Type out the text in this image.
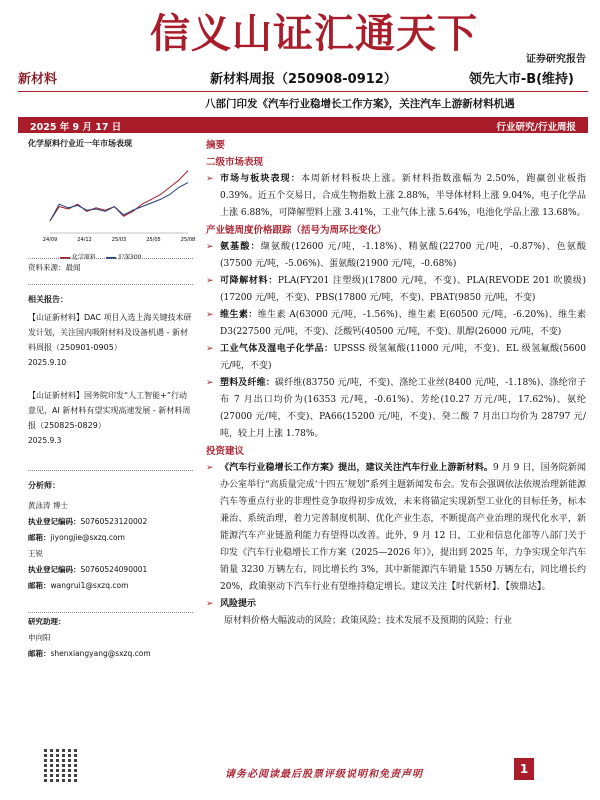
信义山证汇通天下
证券研究报告
新材料	新材料周报（250908-0912）	领先大市-B(维持)
八部门印发《汽车行业稳增长工作方案》，关注汽车上游新材料机遇
2025 年 9 月 17 日	行业研究/行业周报
化学原料行业近一年市场表现
24/09	24/12	25/03	25/05	25/08
化学原料	沪深300
资料来源：最闻
相关报告：
【山证新材料】DAC 项目入选上海关键技术研发计划，关注国内吸附材料及设备机遇 - 新材料周报（250901-0905）
2025.9.10
【山证新材料】国务院印发“人工智能+”行动意见，AI 新材料有望实现高速发展 - 新材料周报（250825-0829）
2025.9.3
分析师：
黄泳涛 博士
执业登记编码：S0760523120002
邮箱：jiyongjie@sxzq.com
王锐
执业登记编码：S0760524090001
邮箱：wangrui1@sxzq.com
研究助理：
申向阳
邮箱：shenxiangyang@sxzq.com
摘要
二级市场表现
➢ 市场与板块表现：本周新材料板块上涨。新材料指数涨幅为 2.50%，跑赢创业板指 0.39%。近五个交易日，合成生物指数上涨 2.88%，半导体材料上涨 9.04%，电子化学品上涨 6.88%，可降解塑料上涨 3.41%，工业气体上涨 5.64%，电池化学品上涨 13.68%。
产业链周度价格跟踪（括号为周环比变化）
➢ 氨基酸：缬氨酸(12600 元/吨，-1.18%)、精氨酸(22700 元/吨，-0.87%)、色氨酸(37500 元/吨，-5.06%)、蛋氨酸(21900 元/吨，-0.68%)
➢ 可降解材料：PLA(FY201 注塑级)(17800 元/吨，不变)、PLA(REVODE 201 吹膜级)(17200 元/吨，不变)、PBS(17800 元/吨，不变)、PBAT(9850 元/吨，不变)
➢ 维生素：维生素 A(63000 元/吨，-1.56%)、维生素 E(60500 元/吨，-6.20%)、维生素 D3(227500 元/吨，不变)、泛酸钙(40500 元/吨，不变)、肌醇(26000 元/吨，不变)
➢ 工业气体及湿电子化学品：UPSSS 级氢氟酸(11000 元/吨，不变)、EL 级氢氟酸(5600 元/吨，不变)
➢ 塑料及纤维：碳纤维(83750 元/吨，不变)、涤纶工业丝(8400 元/吨，-1.18%)、涤纶帘子布 7 月出口均价为(16353 元/吨，-0.61%)、芳纶(10.27 万元/吨，17.62%)、氨纶(27000 元/吨，不变)、PA66(15200 元/吨，不变)、癸二酸 7 月出口均价为 28797 元/吨，较上月上涨 1.78%。
投资建议
➢ 《汽车行业稳增长工作方案》提出，建议关注汽车行业上游新材料。9 月 9 日，国务院新闻办公室举行“高质量完成‘十四五’规划”系列主题新闻发布会。发布会强调依法依规治理新能源汽车等重点行业的非理性竞争取得初步成效，未来将锚定实现新型工业化的目标任务，标本兼治、系统治理，着力完善制度机制、优化产业生态，不断提高产业治理的现代化水平，新能源汽车产业链盈利能力有望得以改善。此外，9 月 12 日，工业和信息化部等八部门关于印发《汽车行业稳增长工作方案（2025—2026 年）》，提出到 2025 年，力争实现全年汽车销量 3230 万辆左右，同比增长约 3%，其中新能源汽车销量 1550 万辆左右，同比增长约 20%，政策驱动下汽车行业有望维持稳定增长。建议关注【时代新材】、【骏鼎达】。
➢ 风险提示
原材料价格大幅波动的风险；政策风险；技术发展不及预期的风险；行业
请务必阅读最后股票评级说明和免责声明	1
